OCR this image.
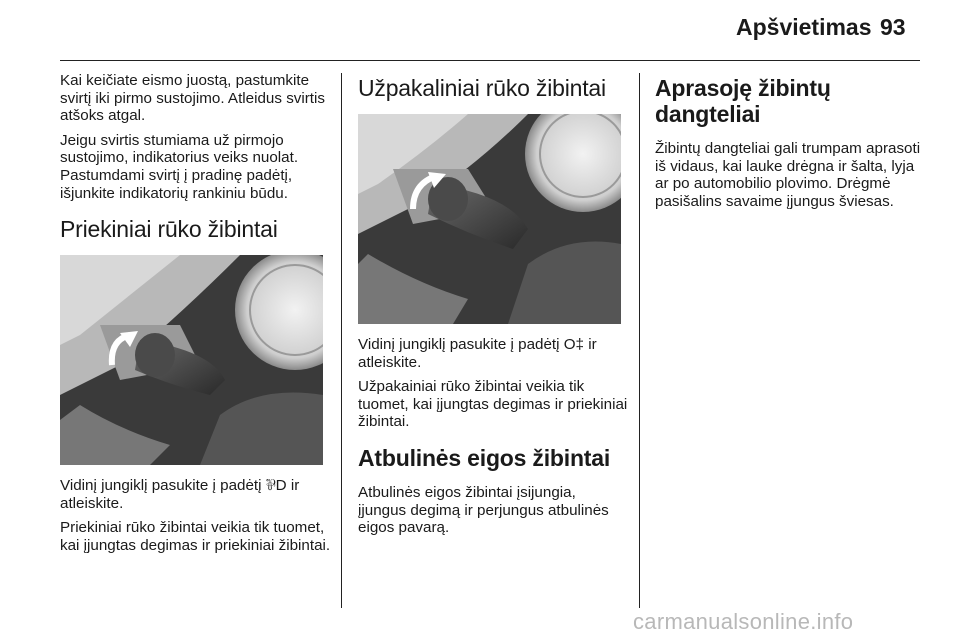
Apšvietimas 93

Kai keičiate eismo juostą, pastumkite svirtį iki pirmo sustojimo. Atleidus svirtis atšoks atgal.

Jeigu svirtis stumiama už pirmojo sustojimo, indikatorius veiks nuolat. Pastumdami svirtį į pradinę padėtį, išjunkite indikatorių rankiniu būdu.

Priekiniai rūko žibintai

Vidinį jungiklį pasukite į padėtį ⅌D ir atleiskite.

Priekiniai rūko žibintai veikia tik tuomet, kai įjungtas degimas ir priekiniai žibintai.

Užpakaliniai rūko žibintai

Vidinį jungiklį pasukite į padėtį O‡ ir atleiskite.

Užpakainiai rūko žibintai veikia tik tuomet, kai įjungtas degimas ir priekiniai žibintai.

Atbulinės eigos žibintai

Atbulinės eigos žibintai įsijungia, įjungus degimą ir perjungus atbulinės eigos pavarą.

Aprasoję žibintų dangteliai

Žibintų dangteliai gali trumpam aprasoti iš vidaus, kai lauke drėgna ir šalta, lyja ar po automobilio plovimo. Drėgmė pasišalins savaime įjungus šviesas.

carmanualsonline.info
